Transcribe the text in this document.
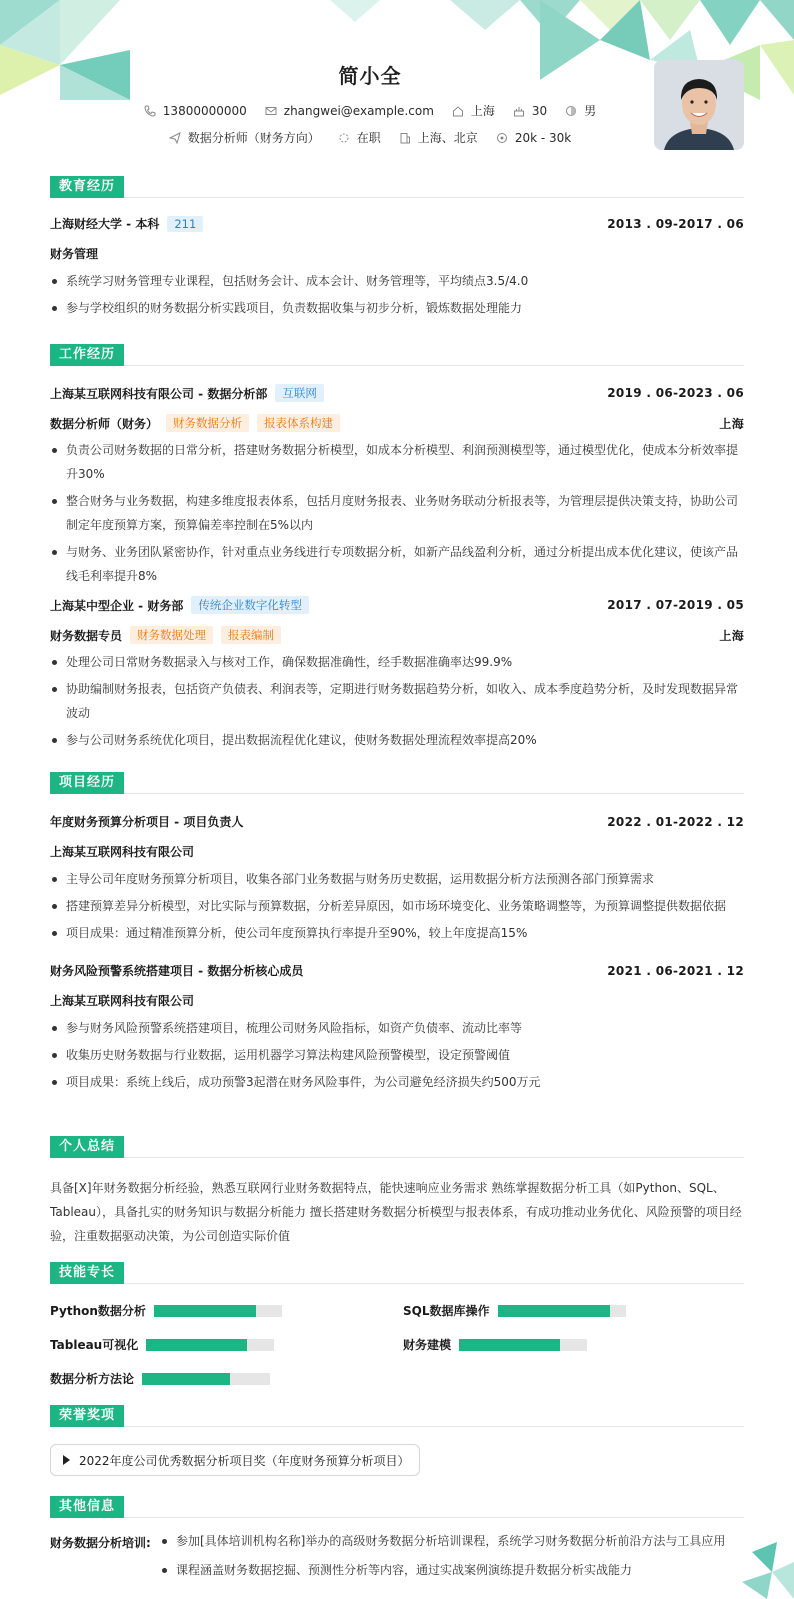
简小全
13800000000	zhangwei@example.com	上海	30	男
数据分析师（财务方向）	在职	上海、北京	20k - 30k
教育经历
上海财经大学 - 本科	211	2013 . 09-2017 . 06
财务管理
系统学习财务管理专业课程，包括财务会计、成本会计、财务管理等，平均绩点3.5/4.0
参与学校组织的财务数据分析实践项目，负责数据收集与初步分析，锻炼数据处理能力
工作经历
上海某互联网科技有限公司 - 数据分析部	互联网	2019 . 06-2023 . 06
数据分析师（财务）	财务数据分析	报表体系构建	上海
负责公司财务数据的日常分析，搭建财务数据分析模型，如成本分析模型、利润预测模型等，通过模型优化，使成本分析效率提升30%
整合财务与业务数据，构建多维度报表体系，包括月度财务报表、业务财务联动分析报表等，为管理层提供决策支持，协助公司制定年度预算方案，预算偏差率控制在5%以内
与财务、业务团队紧密协作，针对重点业务线进行专项数据分析，如新产品线盈利分析，通过分析提出成本优化建议，使该产品线毛利率提升8%
上海某中型企业 - 财务部	传统企业数字化转型	2017 . 07-2019 . 05
财务数据专员	财务数据处理	报表编制	上海
处理公司日常财务数据录入与核对工作，确保数据准确性，经手数据准确率达99.9%
协助编制财务报表，包括资产负债表、利润表等，定期进行财务数据趋势分析，如收入、成本季度趋势分析，及时发现数据异常波动
参与公司财务系统优化项目，提出数据流程优化建议，使财务数据处理流程效率提高20%
项目经历
年度财务预算分析项目 - 项目负责人	2022 . 01-2022 . 12
上海某互联网科技有限公司
主导公司年度财务预算分析项目，收集各部门业务数据与财务历史数据，运用数据分析方法预测各部门预算需求
搭建预算差异分析模型，对比实际与预算数据，分析差异原因，如市场环境变化、业务策略调整等，为预算调整提供数据依据
项目成果：通过精准预算分析，使公司年度预算执行率提升至90%，较上年度提高15%
财务风险预警系统搭建项目 - 数据分析核心成员	2021 . 06-2021 . 12
上海某互联网科技有限公司
参与财务风险预警系统搭建项目，梳理公司财务风险指标，如资产负债率、流动比率等
收集历史财务数据与行业数据，运用机器学习算法构建风险预警模型，设定预警阈值
项目成果：系统上线后，成功预警3起潜在财务风险事件，为公司避免经济损失约500万元
个人总结
具备[X]年财务数据分析经验，熟悉互联网行业财务数据特点，能快速响应业务需求 熟练掌握数据分析工具（如Python、SQL、Tableau），具备扎实的财务知识与数据分析能力 擅长搭建财务数据分析模型与报表体系，有成功推动业务优化、风险预警的项目经验，注重数据驱动决策，为公司创造实际价值
技能专长
Python数据分析	SQL数据库操作
Tableau可视化	财务建模
数据分析方法论
荣誉奖项
2022年度公司优秀数据分析项目奖（年度财务预算分析项目）
其他信息
财务数据分析培训:	参加[具体培训机构名称]举办的高级财务数据分析培训课程，系统学习财务数据分析前沿方法与工具应用
课程涵盖财务数据挖掘、预测性分析等内容，通过实战案例演练提升数据分析实战能力
